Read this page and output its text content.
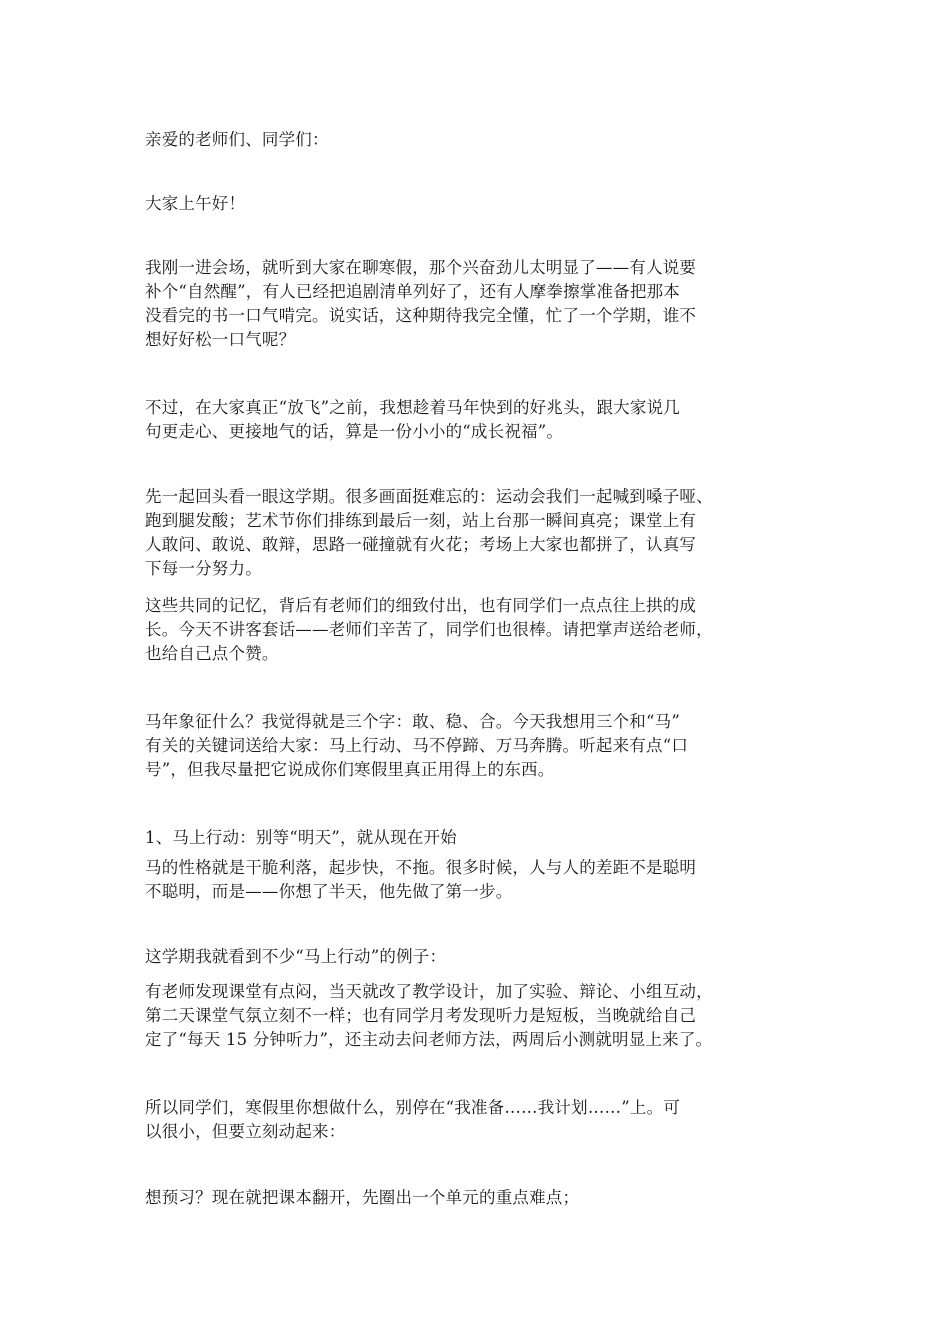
亲爱的老师们、同学们：

大家上午好！

我刚一进会场，就听到大家在聊寒假，那个兴奋劲儿太明显了——有人说要
补个“自然醒”，有人已经把追剧清单列好了，还有人摩拳擦掌准备把那本
没看完的书一口气啃完。说实话，这种期待我完全懂，忙了一个学期，谁不
想好好松一口气呢？

不过，在大家真正“放飞”之前，我想趁着马年快到的好兆头，跟大家说几
句更走心、更接地气的话，算是一份小小的“成长祝福”。

先一起回头看一眼这学期。很多画面挺难忘的：运动会我们一起喊到嗓子哑、
跑到腿发酸；艺术节你们排练到最后一刻，站上台那一瞬间真亮；课堂上有
人敢问、敢说、敢辩，思路一碰撞就有火花；考场上大家也都拼了，认真写
下每一分努力。

这些共同的记忆，背后有老师们的细致付出，也有同学们一点点往上拱的成
长。今天不讲客套话——老师们辛苦了，同学们也很棒。请把掌声送给老师，
也给自己点个赞。

马年象征什么？我觉得就是三个字：敢、稳、合。今天我想用三个和“马”
有关的关键词送给大家：马上行动、马不停蹄、万马奔腾。听起来有点“口
号”，但我尽量把它说成你们寒假里真正用得上的东西。

1、马上行动：别等“明天”，就从现在开始

马的性格就是干脆利落，起步快，不拖。很多时候，人与人的差距不是聪明
不聪明，而是——你想了半天，他先做了第一步。

这学期我就看到不少“马上行动”的例子：

有老师发现课堂有点闷，当天就改了教学设计，加了实验、辩论、小组互动，
第二天课堂气氛立刻不一样；也有同学月考发现听力是短板，当晚就给自己
定了“每天 15 分钟听力”，还主动去问老师方法，两周后小测就明显上来了。

所以同学们，寒假里你想做什么，别停在“我准备……我计划……”上。可
以很小，但要立刻动起来：

想预习？现在就把课本翻开，先圈出一个单元的重点难点；
